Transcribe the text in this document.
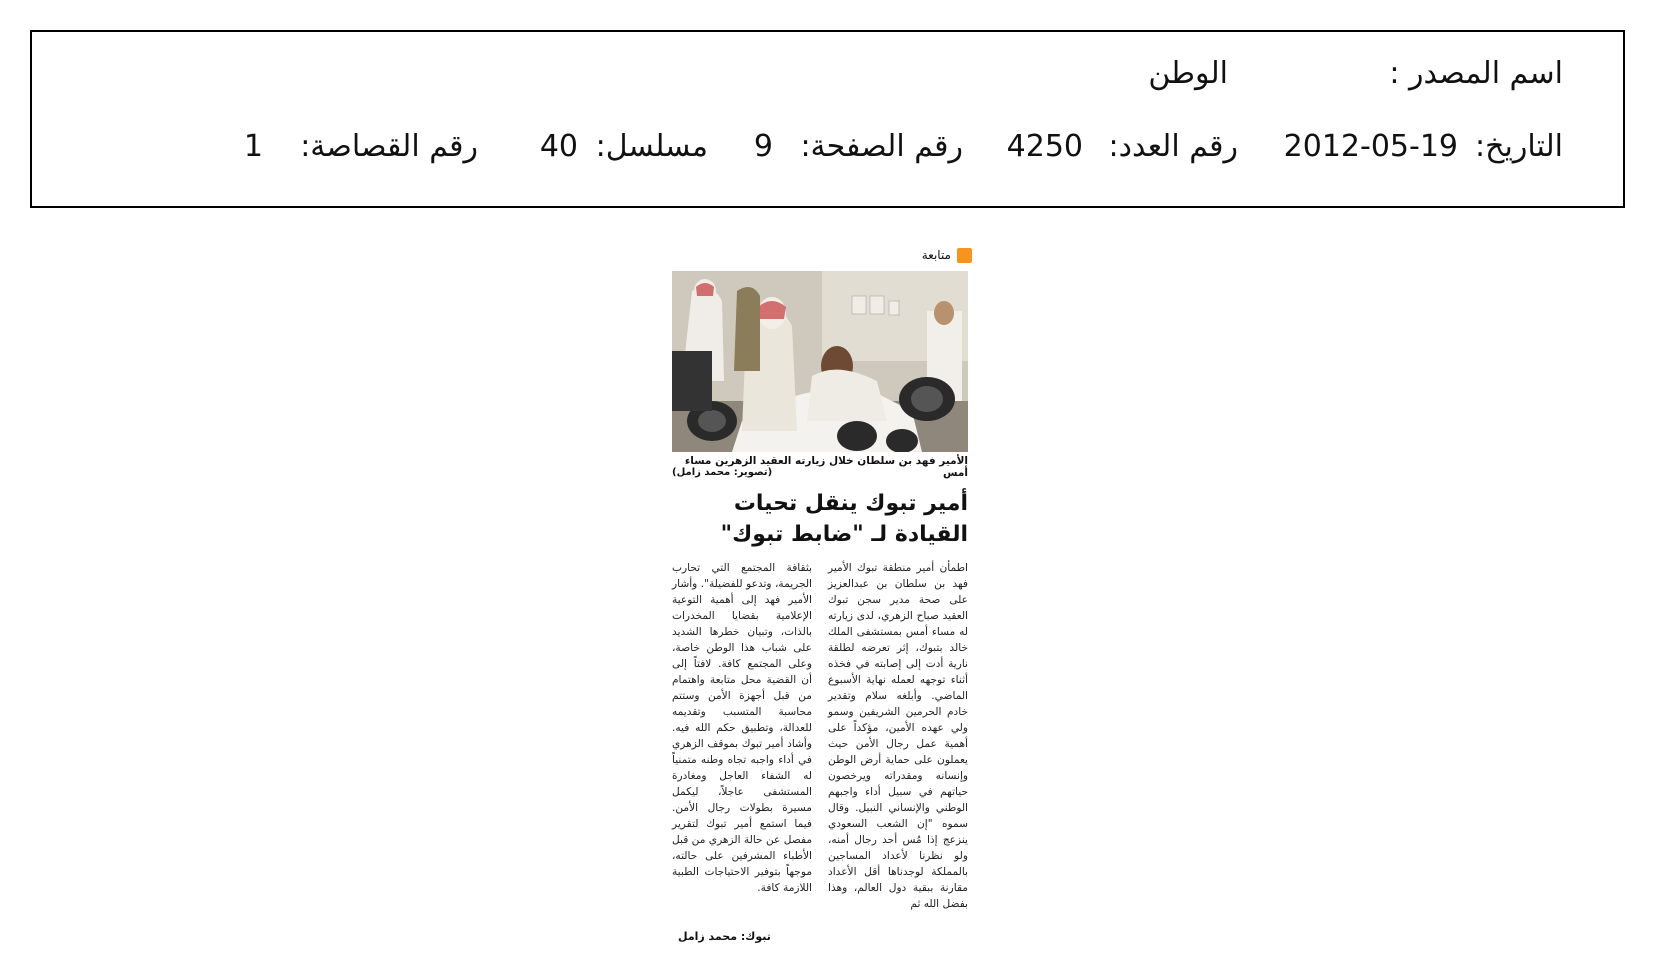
اسم المصدر :
الوطن
التاريخ:
2012-05-19
رقم العدد:
4250
رقم الصفحة:
9
مسلسل:
40
رقم القصاصة:
1
متابعة
الأمير فهد بن سلطان خلال زيارته العقيد الزهرين مساء أمس
(تصوير: محمد زامل)
أمير تبوك ينقل تحيات
القيادة لـ "ضابط تبوك"
اطمأن أمير منطقة تبوك الأمير فهد بن سلطان بن عبدالعزيز على صحة مدير سجن تبوك العقيد صباح الزهري، لدى زيارته له مساء أمس بمستشفى الملك خالد بتبوك، إثر تعرضه لطلقة نارية أدت إلى إصابته في فخذه أثناء توجهه لعمله نهاية الأسبوع الماضي. وأبلغه سلام وتقدير خادم الحرمين الشريفين وسمو ولي عهده الأمين، مؤكداً على أهمية عمل رجال الأمن حيث يعملون على حماية أرض الوطن وإنسانه ومقدراته ويرخصون حياتهم في سبيل أداء واجبهم الوطني والإنساني النبيل. وقال سموه "إن الشعب السعودي ينزعج إذا مُس أحد رجال أمنه، ولو نظرنا لأعداد المساجين بالمملكة لوجدناها أقل الأعداد مقارنة ببقية دول العالم، وهذا بفضل الله ثم
بثقافة المجتمع التي تحارب الجريمة، وتدعو للفضيلة". وأشار الأمير فهد إلى أهمية التوعية الإعلامية بقضايا المخدرات بالذات، وتبيان خطرها الشديد على شباب هذا الوطن خاصة، وعلى المجتمع كافة. لافتاً إلى أن القضية محل متابعة واهتمام من قبل أجهزة الأمن وستتم محاسبة المتسبب وتقديمه للعدالة، وتطبيق حكم الله فيه. وأشاد أمير تبوك بموقف الزهري في أداء واجبه تجاه وطنه متمنياً له الشفاء العاجل ومغادرة المستشفى عاجلاً، ليكمل مسيرة بطولات رجال الأمن. فيما استمع أمير تبوك لتقرير مفصل عن حالة الزهري من قبل الأطباء المشرفين على حالته، موجهاً بتوفير الاحتياجات الطبية اللازمة كافة.
تبوك: محمد زامل
